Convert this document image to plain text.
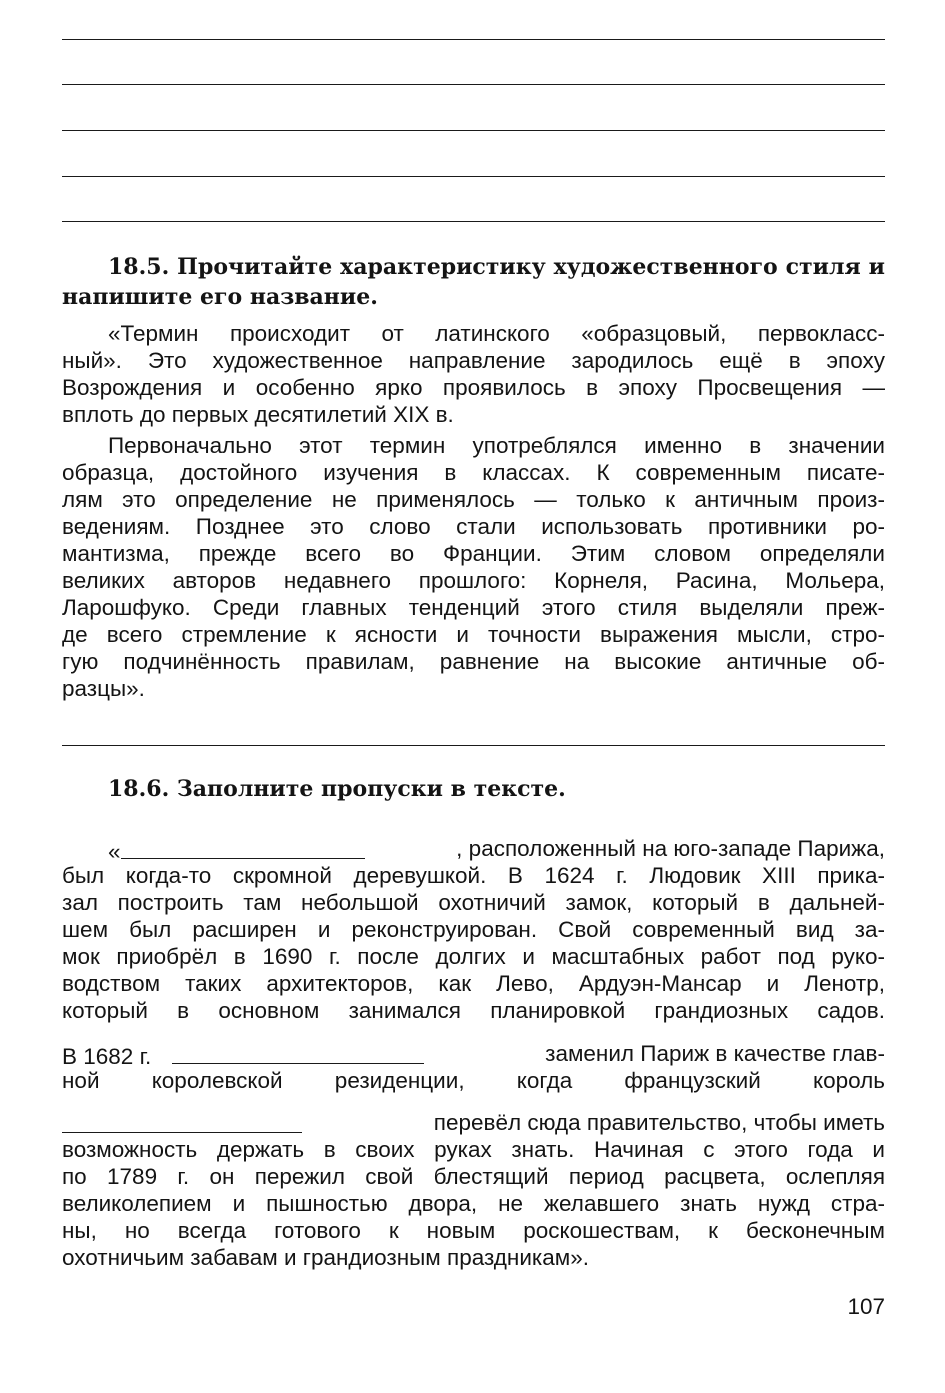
18.5. Прочитайте характеристику художественного стиля и
напишите его название.
«Термин происходит от латинского «образцовый, первокласс-
ный». Это художественное направление зародилось ещё в эпоху
Возрождения и особенно ярко проявилось в эпоху Просвещения —
вплоть до первых десятилетий XIX в.
Первоначально этот термин употреблялся именно в значении
образца, достойного изучения в классах. К современным писате-
лям это определение не применялось — только к античным произ-
ведениям. Позднее это слово стали использовать противники ро-
мантизма, прежде всего во Франции. Этим словом определяли
великих авторов недавнего прошлого: Корнеля, Расина, Мольера,
Ларошфуко. Среди главных тенденций этого стиля выделяли преж-
де всего стремление к ясности и точности выражения мысли, стро-
гую подчинённость правилам, равнение на высокие античные об-
разцы».
18.6. Заполните пропуски в тексте.
«	, расположенный на юго-западе Парижа,
был когда-то скромной деревушкой. В 1624 г. Людовик XIII прика-
зал построить там небольшой охотничий замок, который в дальней-
шем был расширен и реконструирован. Свой современный вид за-
мок приобрёл в 1690 г. после долгих и масштабных работ под руко-
водством таких архитекторов, как Лево, Ардуэн-Мансар и Ленотр,
который в основном занимался планировкой грандиозных садов.
В 1682 г.	заменил Париж в качестве глав-
ной королевской резиденции, когда французский король
перевёл сюда правительство, чтобы иметь
возможность держать в своих руках знать. Начиная с этого года и
по 1789 г. он пережил свой блестящий период расцвета, ослепляя
великолепием и пышностью двора, не желавшего знать нужд стра-
ны, но всегда готового к новым роскошествам, к бесконечным
охотничьим забавам и грандиозным праздникам».
107
